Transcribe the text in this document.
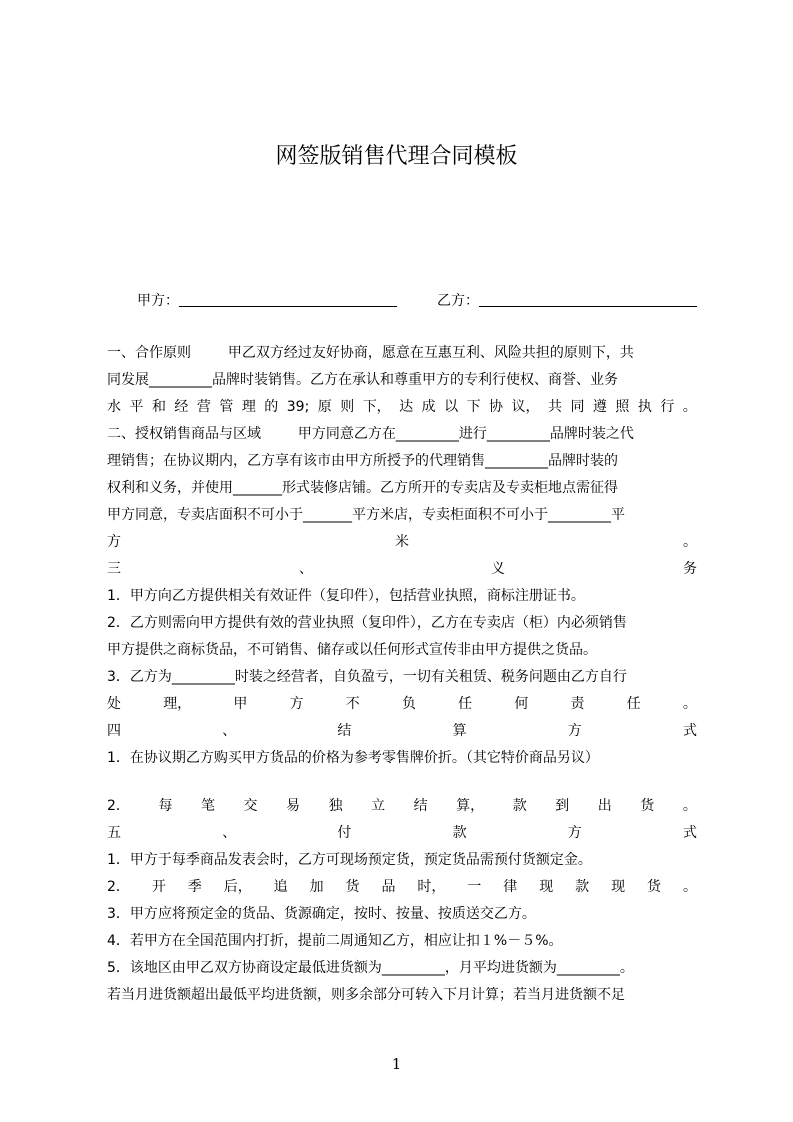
网签版销售代理合同模板
甲方：	乙方：
一、合作原则 　 　甲乙双方经过友好协商，愿意在互惠互利、风险共担的原则下，共
同发展_________品牌时装销售。乙方在承认和尊重甲方的专利行使权、商誉、业务
水 平 和 经 营 管 理 的 39; 原 则 下， 达 成 以 下 协 议， 共 同 遵 照 执 行 。
二、授权销售商品与区域 　 　甲方同意乙方在_________进行_________品牌时装之代
理销售；在协议期内，乙方享有该市由甲方所授予的代理销售_________品牌时装的
权利和义务，并使用_______形式装修店铺。乙方所开的专卖店及专卖柜地点需征得
甲方同意，专卖店面积不可小于_______平方米店，专卖柜面积不可小于_________平
方	米	。
三	、	义	务
1．甲方向乙方提供相关有效证件（复印件），包括营业执照，商标注册证书。
2．乙方则需向甲方提供有效的营业执照（复印件），乙方在专卖店（柜）内必须销售
甲方提供之商标货品，不可销售、储存或以任何形式宣传非由甲方提供之货品。
3．乙方为_________时装之经营者，自负盈亏，一切有关租赁、税务问题由乙方自行
处	理，	甲	方	不	负	任	何	责	任	。
四	、	结	算	方	式
1．在协议期乙方购买甲方货品的价格为参考零售牌价折。（其它特价商品另议）
2． 每 笔 交 易 独 立 结 算， 款 到 出 货 。
五	、	付	款	方	式
1．甲方于每季商品发表会时，乙方可现场预定货，预定货品需预付货额定金。
2． 开 季 后， 追 加 货 品 时， 一 律 现 款 现 货 。
3．甲方应将预定金的货品、货源确定，按时、按量、按质送交乙方。
4．若甲方在全国范围内打折，提前二周通知乙方，相应让扣１%－５%。
5．该地区由甲乙双方协商设定最低进货额为_________，月平均进货额为_________。
若当月进货额超出最低平均进货额，则多余部分可转入下月计算；若当月进货额不足
1
